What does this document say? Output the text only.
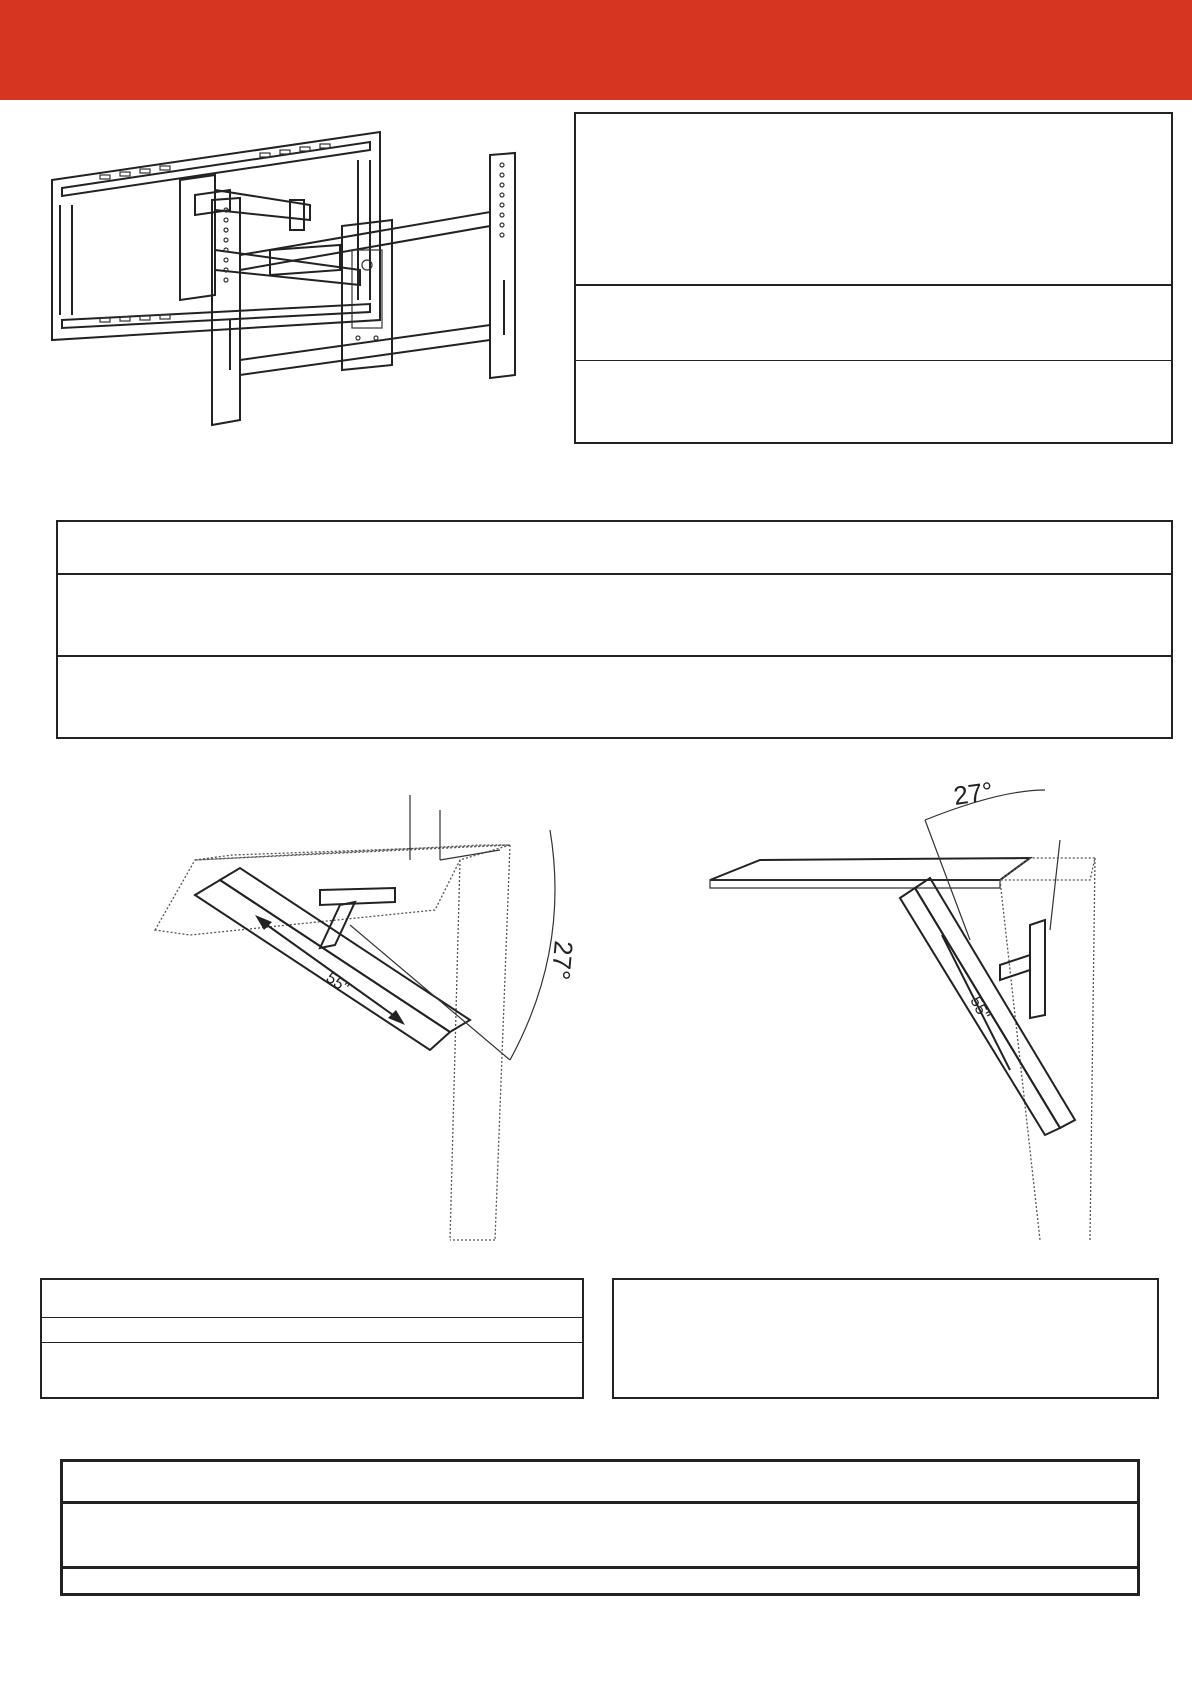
55"
27°
55"
27°
